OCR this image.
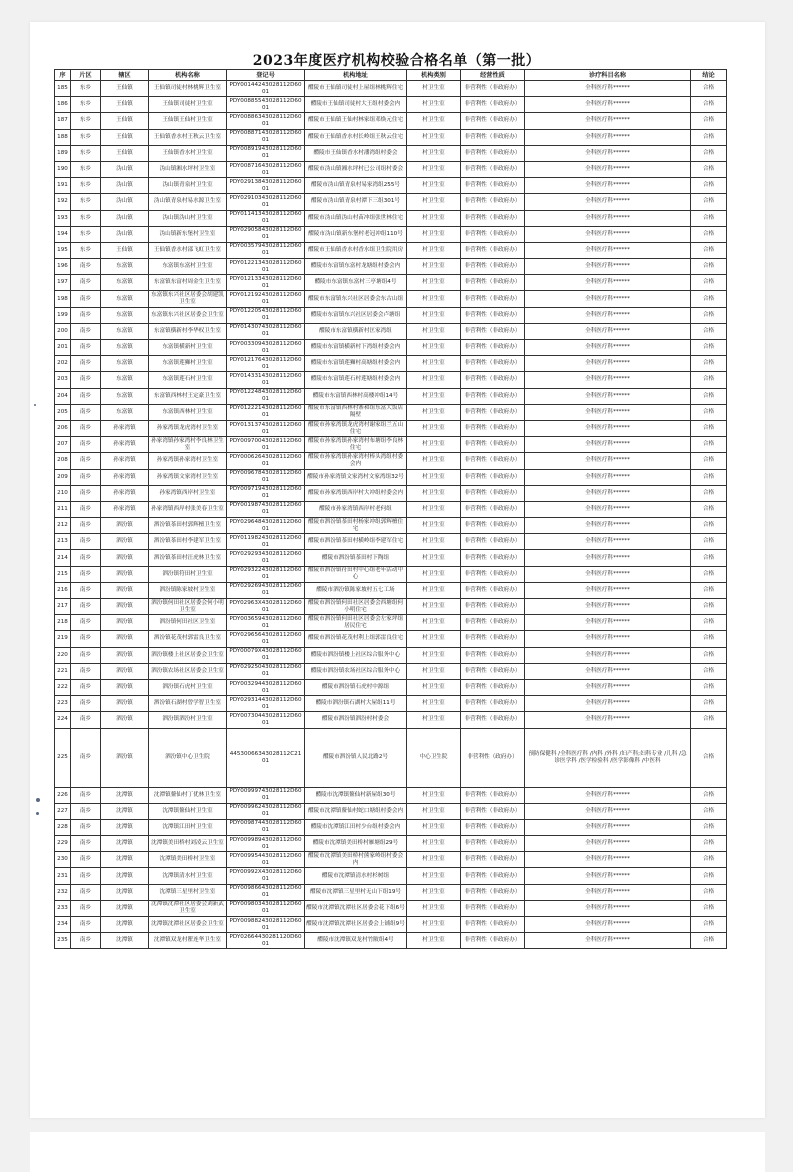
2023年度医疗机构校验合格名单（第一批）
序	片区	辖区	机构名称	登记号	机构地址	机构类别	经营性质	诊疗科目名称	结论
185	东乡	王仙镇	王仙镇司徒村林桃辉卫生室	PDY00144243028112D60 01	醴陵市王仙镇司徒村上屋组林桃辉住宅	村卫生室	非营利性（非政府办）	全科医疗科******	合格
186	东乡	王仙镇	王仙镇司徒村卫生室	PDY00885543028112D60 01	醴陵市王仙镇司徒村大王组村委会内	村卫生室	非营利性（非政府办）	全科医疗科******	合格
187	东乡	王仙镇	王仙镇王仙村卫生室	PDY00886343028112D60 01	醴陵市王仙镇王仙村林家组邓焕元住宅	村卫生室	非营利性（非政府办）	全科医疗科******	合格
188	东乡	王仙镇	王仙镇香水村王秋云卫生室	PDY00887143028112D60 01	醴陵市王仙镇香水村长岭组王秋云住宅	村卫生室	非营利性（非政府办）	全科医疗科******	合格
189	东乡	王仙镇	王仙镇香水村卫生室	PDY00891943028112D60 01	醴陵市王仙镇香水村潘湾组村委会	村卫生室	非营利性（非政府办）	全科医疗科******	合格
190	东乡	沩山镇	沩山镇湘水坪村卫生室	PDY00871643028112D60 01	醴陵市沩山镇湘水坪村已公司组村委会	村卫生室	非营利性（非政府办）	全科医疗科******	合格
191	东乡	沩山镇	沩山镇青泉村卫生室	PDY02913843028112D60 01	醴陵市沩山镇青泉村易家湾组255号	村卫生室	非营利性（非政府办）	全科医疗科******	合格
192	东乡	沩山镇	沩山镇青泉村易水源卫生室	PDY02910343028112D60 01	醴陵市沩山镇青泉村潭下三组301号	村卫生室	非营利性（非政府办）	全科医疗科******	合格
193	东乡	沩山镇	沩山镇沩山村卫生室	PDY01141343028112D60 01	醴陵市沩山镇沩山村苗冲组张世林住宅	村卫生室	非营利性（非政府办）	全科医疗科******	合格
194	东乡	沩山镇	沩山镇新东堡村卫生室	PDY02905843028112D60 01	醴陵市沩山镇新东堡村老冠冲组110号	村卫生室	非营利性（非政府办）	全科医疗科******	合格
195	东乡	王仙镇	王仙镇香水村邵飞虹卫生室	PDY00357943028112D60 01	醴陵市王仙镇香水村香水组卫生院用房	村卫生室	非营利性（非政府办）	全科医疗科******	合格
196	南乡	东富镇	东富镇东富村卫生室	PDY01221343028112D60 01	醴陵市东富镇东富村龙塘组村委会内	村卫生室	非营利性（非政府办）	全科医疗科******	合格
197	南乡	东富镇	东富镇东富村周金生卫生室	PDY01213343028112D60 01	醴陵市东富镇东富村三亭塘组4号	村卫生室	非营利性（非政府办）	全科医疗科******	合格
198	南乡	东富镇	东富镇东兴社区居委会胡建凯卫生室	PDY01219243028112D60 01	醴陵市东富镇东兴社区居委会东古山组	村卫生室	非营利性（非政府办）	全科医疗科******	合格
199	南乡	东富镇	东富镇东兴社区居委会卫生室	PDY01220543028112D60 01	醴陵市东富镇东兴社区居委会卢塘组	村卫生室	非营利性（非政府办）	全科医疗科******	合格
200	南乡	东富镇	东富镇横新村李华权卫生室	PDY01430743028112D60 01	醴陵市东富镇横新村匡家湾组	村卫生室	非营利性（非政府办）	全科医疗科******	合格
201	南乡	东富镇	东富镇横新村卫生室	PDY00330943028112D60 01	醴陵市东富镇横新村下湾组村委会内	村卫生室	非营利性（非政府办）	全科医疗科******	合格
202	南乡	东富镇	东富镇莲狮村卫生室	PDY01217643028112D60 01	醴陵市东富镇莲狮村高塘组村委会内	村卫生室	非营利性（非政府办）	全科医疗科******	合格
203	南乡	东富镇	东富镇莲石村卫生室	PDY01433143028112D60 01	醴陵市东富镇莲石村莲塘组村委会内	村卫生室	非营利性（非政府办）	全科医疗科******	合格
204	南乡	东富镇	东富镇西林村王定豪卫生室	PDY01224843028112D60 01	醴陵市东富镇西林村高楼冲组14号	村卫生室	非营利性（非政府办）	全科医疗科******	合格
205	南乡	东富镇	东富镇西林村卫生室	PDY01222143028112D60 01	醴陵市东富镇西林村寨和组东富大饭店隔壁	村卫生室	非营利性（非政府办）	全科医疗科******	合格
206	南乡	孙家湾镇	孙家湾镇龙虎湾村卫生室	PDY01313743028112D60 01	醴陵市孙家湾镇龙虎湾村谢家组兰五山住宅	村卫生室	非营利性（非政府办）	全科医疗科******	合格
207	南乡	孙家湾镇	孙家湾镇孙家湾村李良林卫生室	PDY00970043028112D60 01	醴陵市孙家湾镇孙家湾村布塘组李良林住宅	村卫生室	非营利性（非政府办）	全科医疗科******	合格
208	南乡	孙家湾镇	孙家湾镇孙家湾村卫生室	PDY00062643028112D60 01	醴陵市孙家湾镇孙家湾村棒头湾组村委会内	村卫生室	非营利性（非政府办）	全科医疗科******	合格
209	南乡	孙家湾镇	孙家湾镇文家湾村卫生室	PDY00967843028112D60 01	醴陵市孙家湾镇文家湾村文家湾组32号	村卫生室	非营利性（非政府办）	全科医疗科******	合格
210	南乡	孙家湾镇	孙家湾镇西岸村卫生室	PDY00971943028112D60 01	醴陵市孙家湾镇西岸村大冲组村委会内	村卫生室	非营利性（非政府办）	全科医疗科******	合格
211	南乡	孙家湾镇	孙家湾镇西岸村张美春卫生室	PDY00198743028112D60 01	醴陵市孙家湾镇西岸村老何组	村卫生室	非营利性（非政府办）	全科医疗科******	合格
212	南乡	泗汾镇	泗汾镇茶田村郭辉檀卫生室	PDY02964843028112D60 01	醴陵市泗汾镇茶田村杨家冲组郭辉檀住宅	村卫生室	非营利性（非政府办）	全科医疗科******	合格
213	南乡	泗汾镇	泗汾镇茶田村李建军卫生室	PDY01198243028112D60 01	醴陵市泗汾镇茶田村横岭组李建军住宅	村卫生室	非营利性（非政府办）	全科医疗科******	合格
214	南乡	泗汾镇	泗汾镇茶田村汪虎林卫生室	PDY02929343028112D60 01	醴陵市泗汾镇茶田村下陶组	村卫生室	非营利性（非政府办）	全科医疗科******	合格
215	南乡	泗汾镇	泗汾镇符田村卫生室	PDY02932243028112D60 01	醴陵市泗汾镇符田村中心组老年活动中心	村卫生室	非营利性（非政府办）	全科医疗科******	合格
216	南乡	泗汾镇	泗汾镇陈家坡村卫生室	PDY02926943028112D60 01	醴陵市泗汾镇陈家坡村五七工场	村卫生室	非营利性（非政府办）	全科医疗科******	合格
217	南乡	泗汾镇	泗汾镇何田社区居委会何小明卫生室	PDY02963X43028112D60 01	醴陵市泗汾镇何田社区居委会西塘组何小明住宅	村卫生室	非营利性（非政府办）	全科医疗科******	合格
218	南乡	泗汾镇	泗汾镇何田社区卫生室	PDY00365943028112D60 01	醴陵市泗汾镇何田社区居委会左家坪组居民住宅	村卫生室	非营利性（非政府办）	全科医疗科******	合格
219	南乡	泗汾镇	泗汾镇花茂村郭雷良卫生室	PDY02965643028112D60 01	醴陵市泗汾镇花茂村利上组郭雷良住宅	村卫生室	非营利性（非政府办）	全科医疗科******	合格
220	南乡	泗汾镇	泗汾镇楼上社区居委会卫生室	PDY00079X43028112D60 01	醴陵市泗汾镇楼上社区综合服务中心	村卫生室	非营利性（非政府办）	全科医疗科******	合格
221	南乡	泗汾镇	泗汾镇农场社区居委会卫生室	PDY02925043028112D60 01	醴陵市泗汾镇农场社区综合服务中心	村卫生室	非营利性（非政府办）	全科医疗科******	合格
222	南乡	泗汾镇	泗汾镇石虎村卫生室	PDY00329443028112D60 01	醴陵市泗汾镇石虎村中源组	村卫生室	非营利性（非政府办）	全科医疗科******	合格
223	南乡	泗汾镇	泗汾镇石湖村曾学智卫生室	PDY02931443028112D60 01	醴陵市泗汾镇石湖村大屋组11号	村卫生室	非营利性（非政府办）	全科医疗科******	合格
224	南乡	泗汾镇	泗汾镇泗汾村卫生室	PDY00730443028112D60 01	醴陵市泗汾镇泗汾村村委会	村卫生室	非营利性（非政府办）	全科医疗科******	合格
225	南乡	泗汾镇	泗汾镇中心卫生院	44530066343028112C21 01	醴陵市泗汾镇人民北路2号	中心卫生院	非营利性（政府办）	预防保健科 /全科医疗科 /内科 /外科 /妇产科;妇科专业 /儿科 /急诊医学科 /医学检验科 /医学影像科 /中医科	合格
226	南乡	沈潭镇	沈潭镇鳌仙村丁优林卫生室	PDY00999743028112D60 01	醴陵市沈潭镇鳌仙村新屋组30号	村卫生室	非营利性（非政府办）	全科医疗科******	合格
227	南乡	沈潭镇	沈潭镇鳌仙村卫生室	PDY00996243028112D60 01	醴陵市沈潭镇鳌仙村蛇口塘组村委会内	村卫生室	非营利性（非政府办）	全科医疗科******	合格
228	南乡	沈潭镇	沈潭镇江田村卫生室	PDY00987443028112D60 01	醴陵市沈潭镇江田村少台组村委会内	村卫生室	非营利性（非政府办）	全科医疗科******	合格
229	南乡	沈潭镇	沈潭镇美田桥村刘凌云卫生室	PDY00998943028112D60 01	醴陵市沈潭镇美田桥村雁塘组29号	村卫生室	非营利性（非政府办）	全科医疗科******	合格
230	南乡	沈潭镇	沈潭镇美田桥村卫生室	PDY00995443028112D60 01	醴陵市沈潭镇美田桥村熊家岭组村委会内	村卫生室	非营利性（非政府办）	全科医疗科******	合格
231	南乡	沈潭镇	沈潭镇清水村卫生室	PDY00992X43028112D60 01	醴陵市沈潭镇清水村杉树组	村卫生室	非营利性（非政府办）	全科医疗科******	合格
232	南乡	沈潭镇	沈潭镇三星里村卫生室	PDY00986643028112D60 01	醴陵市沈潭镇三星里村无山下组19号	村卫生室	非营利性（非政府办）	全科医疗科******	合格
233	南乡	沈潭镇	沈潭镇沈潭社区居委会刘新武卫生室	PDY00980343028112D60 01	醴陵市沈潭镇沈潭社区居委会花下组6号	村卫生室	非营利性（非政府办）	全科医疗科******	合格
234	南乡	沈潭镇	沈潭镇沈潭社区居委会卫生室	PDY00988243028112D60 01	醴陵市沈潭镇沈潭社区居委会上铺组9号	村卫生室	非营利性（非政府办）	全科医疗科******	合格
235	南乡	沈潭镇	沈潭镇双龙村瞿连华卫生室	PDY02664430281120D60 01	醴陵市沈潭镇双龙村竹陂组4号	村卫生室	非营利性（非政府办）	全科医疗科******	合格
